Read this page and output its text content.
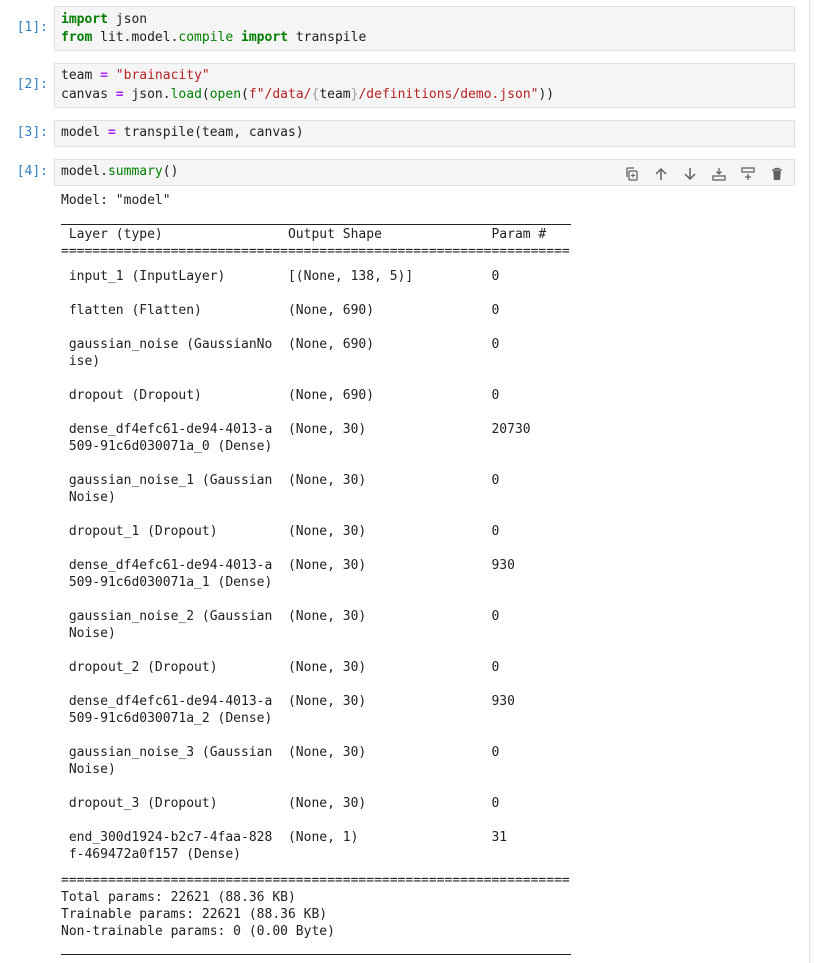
[1]:
import json
from lit.model.compile import transpile
[2]:
team = "brainacity"
canvas = json.load(open(f"/data/{team}/definitions/demo.json"))
[3]: model = transpile(team, canvas)
[4]: model.summary()

Model: "model"

Layer (type)                Output Shape              Param #

=================================================================

input_1 (InputLayer)        [(None, 138, 5)]          0
flatten (Flatten)           (None, 690)               0
gaussian_noise (GaussianNo  (None, 690)               0
ise)
dropout (Dropout)           (None, 690)               0
dense_df4efc61-de94-4013-a  (None, 30)                20730
509-91c6d030071a_0 (Dense)
gaussian_noise_1 (Gaussian  (None, 30)                0
Noise)
dropout_1 (Dropout)         (None, 30)                0
dense_df4efc61-de94-4013-a  (None, 30)                930
509-91c6d030071a_1 (Dense)
gaussian_noise_2 (Gaussian  (None, 30)                0
Noise)
dropout_2 (Dropout)         (None, 30)                0
dense_df4efc61-de94-4013-a  (None, 30)                930
509-91c6d030071a_2 (Dense)
gaussian_noise_3 (Gaussian  (None, 30)                0
Noise)
dropout_3 (Dropout)         (None, 30)                0
end_300d1924-b2c7-4faa-828  (None, 1)                 31
f-469472a0f157 (Dense)

=================================================================

Total params: 22621 (88.36 KB)

Trainable params: 22621 (88.36 KB)

Non-trainable params: 0 (0.00 Byte)
